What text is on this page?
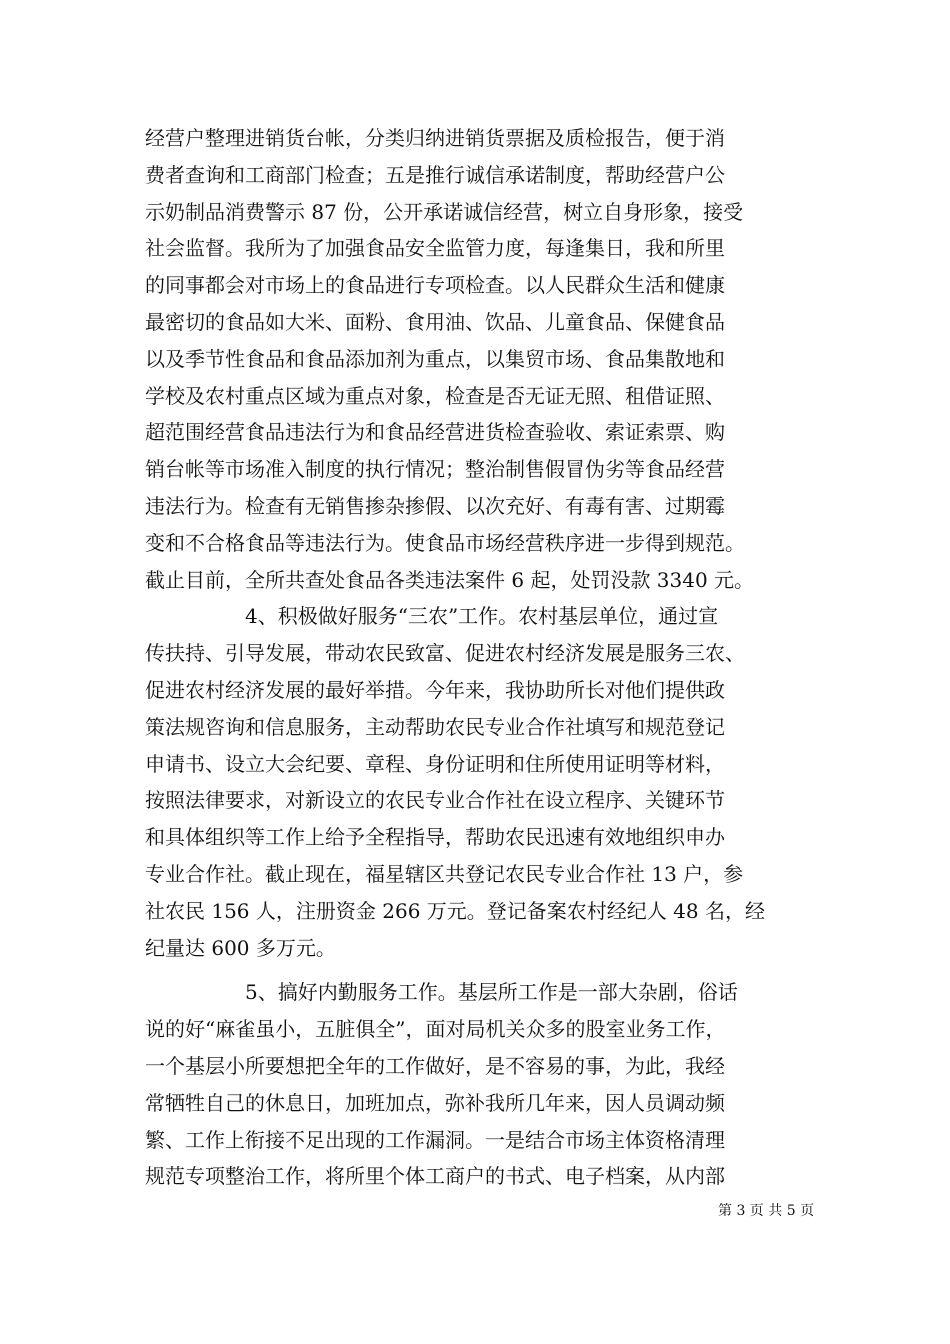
经营户整理进销货台帐，分类归纳进销货票据及质检报告，便于消
费者查询和工商部门检查；五是推行诚信承诺制度，帮助经营户公
示奶制品消费警示 87 份，公开承诺诚信经营，树立自身形象，接受
社会监督。我所为了加强食品安全监管力度，每逢集日，我和所里
的同事都会对市场上的食品进行专项检查。以人民群众生活和健康
最密切的食品如大米、面粉、食用油、饮品、儿童食品、保健食品
以及季节性食品和食品添加剂为重点，以集贸市场、食品集散地和
学校及农村重点区域为重点对象，检查是否无证无照、租借证照、
超范围经营食品违法行为和食品经营进货检查验收、索证索票、购
销台帐等市场准入制度的执行情况；整治制售假冒伪劣等食品经营
违法行为。检查有无销售掺杂掺假、以次充好、有毒有害、过期霉
变和不合格食品等违法行为。使食品市场经营秩序进一步得到规范。
截止目前，全所共查处食品各类违法案件 6 起，处罚没款 3340 元。
4、积极做好服务“三农”工作。农村基层单位，通过宣
传扶持、引导发展，带动农民致富、促进农村经济发展是服务三农、
促进农村经济发展的最好举措。今年来，我协助所长对他们提供政
策法规咨询和信息服务，主动帮助农民专业合作社填写和规范登记
申请书、设立大会纪要、章程、身份证明和住所使用证明等材料，
按照法律要求，对新设立的农民专业合作社在设立程序、关键环节
和具体组织等工作上给予全程指导，帮助农民迅速有效地组织申办
专业合作社。截止现在，福星辖区共登记农民专业合作社 13 户，参
社农民 156 人，注册资金 266 万元。登记备案农村经纪人 48 名，经
纪量达 600 多万元。
5、搞好内勤服务工作。基层所工作是一部大杂剧，俗话
说的好“麻雀虽小，五脏俱全”，面对局机关众多的股室业务工作，
一个基层小所要想把全年的工作做好，是不容易的事，为此，我经
常牺牲自己的休息日，加班加点，弥补我所几年来，因人员调动频
繁、工作上衔接不足出现的工作漏洞。一是结合市场主体资格清理
规范专项整治工作，将所里个体工商户的书式、电子档案，从内部
第 3 页 共 5 页
